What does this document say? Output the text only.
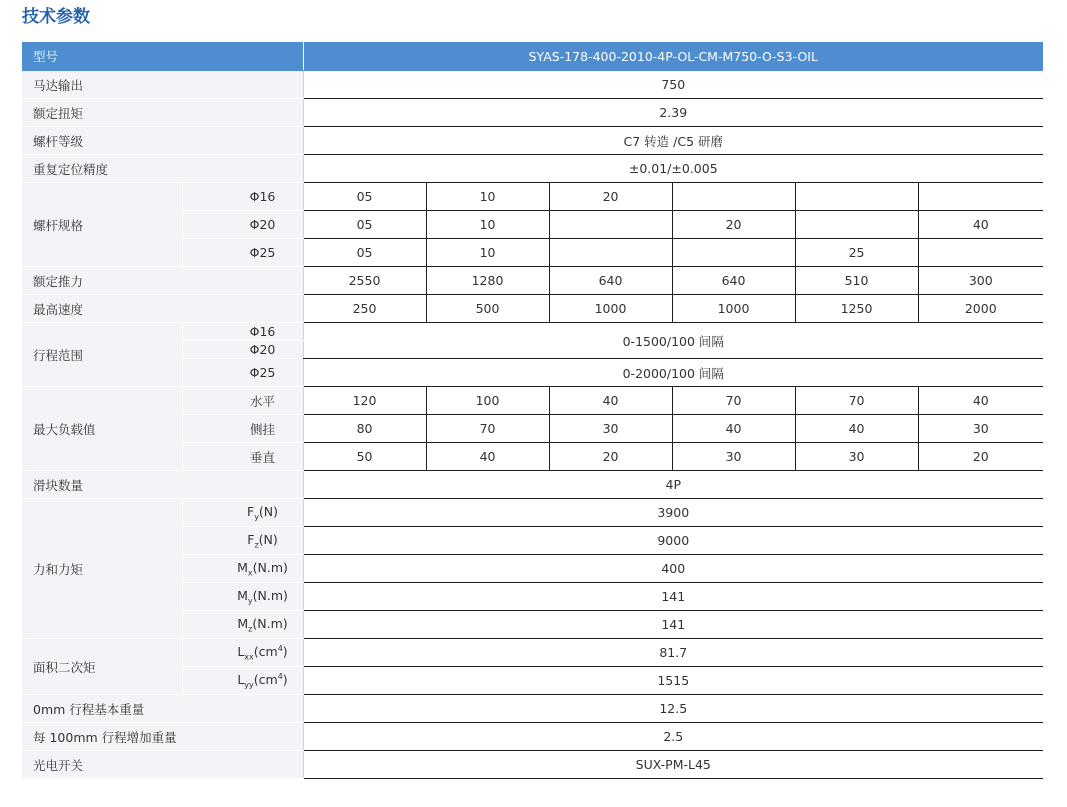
技术参数
型号		SYAS-178-400-2010-4P-OL-CM-M750-O-S3-OIL					
马达输出		750					
额定扭矩		2.39					
螺杆等级		C7 转造 /C5 研磨					
重复定位精度		±0.01/±0.005					
螺杆规格	Φ16	05	10	20			
	Φ20	05	10		20		40
	Φ25	05	10			25	
额定推力		2550	1280	640	640	510	300
最高速度		250	500	1000	1000	1250	2000
行程范围	Φ16	0-1500/100 间隔					
	Φ20						
	Φ25	0-2000/100 间隔					
最大负载值	水平	120	100	40	70	70	40
	侧挂	80	70	30	40	40	30
	垂直	50	40	20	30	30	20
滑块数量		4P					
力和力矩	$F_y(N)$	3900					
	$F_z(N)$	9000					
	$M_x(N.m)$	400					
	$M_y(N.m)$	141					
	$M_z(N.m)$	141					
面积二次矩	$L_{xx}(cm^4)$	81.7					
	$L_{yy}(cm^4)$	1515					
0mm 行程基本重量		12.5					
每 100mm 行程增加重量		2.5					
光电开关		SUX-PM-L45					
